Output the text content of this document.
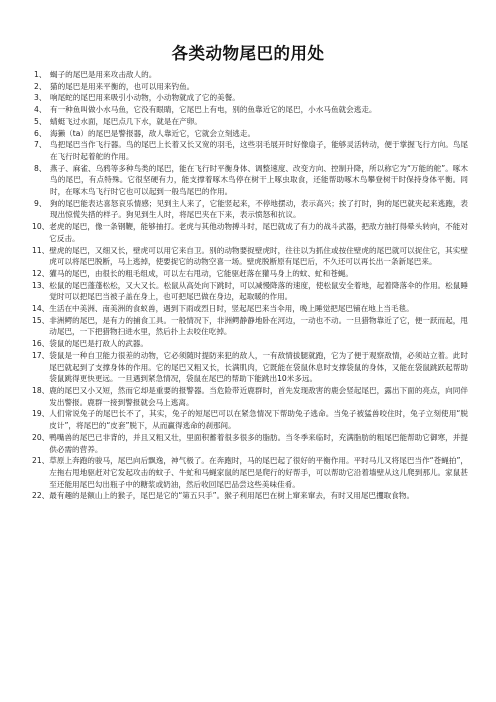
各类动物尾巴的用处
1、 蝎子的尾巴是用来攻击敌人的。
2、 猫的尾巴是用来平衡的，也可以用来钓鱼。
3、 响尾蛇的尾巴用来吸引小动物，小动物就成了它的美餐。
4、 有一种鱼叫做小水马鱼，它没有眼睛，它尾巴上有电，别的鱼靠近它的尾巴，小水马鱼就会逃走。
5、 蜻蜓飞过水面，尾巴点几下水，就是在产卵。
6、 海獭（ta）的尾巴是警报器，敌人靠近它，它就会立刻逃走。
7、 鸟把尾巴当作飞行器。鸟的尾巴上长着又长又宽的羽毛，这些羽毛展开时好像扇子，能够灵活转动，便于掌握飞行方向。鸟尾在飞行时起着舵的作用。
8、 燕子、麻雀、乌鸦等多种鸟类的尾巴，能在飞行时平衡身体、调整速度、改变方向、控制升降，所以称它为“万能的舵”。啄木鸟的尾巴，有点特殊。它很坚硬有力，能支撑着啄木鸟停在树干上啄虫取食，还能帮助啄木鸟攀登树干时保持身体平衡。同时，在啄木鸟飞行时它也可以起到一般鸟尾巴的作用。
9、 狗的尾巴能表达喜怒哀乐情感；见到主人来了，它能竖起来，不停地摆动，表示高兴；挨了打时，狗的尾巴就夹起来逃跑，表现出惊慌失措的样子。狗见到生人时，将尾巴夹在下来，表示愤怒和抗议。
10、 老虎的尾巴，像一条钢鞭，能够抽打。老虎与其他动物搏斗时，尾巴就成了有力的战斗武器，把敌方抽打得晕头转向，不能对它反击。
11、 壁虎的尾巴，又细又长，壁虎可以用它来自卫。别的动物要捉壁虎时，往往以为抓住或按住壁虎的尾巴就可以捉住它，其实壁虎可以将尾巴脱断，马上逃掉，使要捉它的动物空喜一场。壁虎脱断原有尾巴后，不久还可以再长出一条新尾巴来。
12、 獾马的尾巴，由很长的粗毛组成，可以左右甩动，它能驱赶落在獾马身上的蚊、虻和苍蝇。
13、 松鼠的尾巴蓬蓬松松，又大又长。松鼠从高处向下跳时，可以减慢降落的速度，使松鼠安全着地，起着降落伞的作用。松鼠睡觉时可以把尾巴当被子盖在身上，也可把尾巴做在身边，起取暖的作用。
14、 生活在中美洲、南美洲的食蚁兽，遇到下雨或烈日时，竖起尾巴来当伞用，晚上睡觉把尾巴铺在地上当毛毯。
15、 非洲鳄的尾巴，是有力的捕食工具。一般情况下，非洲鳄静静地卧在河边，一动也不动。一旦猎物靠近了它，便一跃而起，甩动尾巴，一下把猎物扫进水里，然后扑上去咬住吃掉。
16、 袋鼠的尾巴是打敌人的武器。
17、 袋鼠是一种自卫能力很差的动物，它必须随时提防来犯的敌人，一有敌情拔腿就跑，它为了便于观察敌情，必须站立着。此时尾巴就起到了支撑身体的作用。它的尾巴又粗又长，长满肌肉，它既能在袋鼠休息时支撑袋鼠的身体，又能在袋鼠跳跃起帮助袋鼠跳得更快更远。一旦遇到紧急情况，袋鼠在尾巴的帮助下能跳出10米多远。
18、 鹿的尾巴又小又短，然而它却是重要的报警器。当危险带近鹿群时，首先发现敌害的鹿会竖起尾巴，露出下面的亮点，向同伴发出警报。鹿群一接到警报就会马上逃离。
19、 人们常说兔子的尾巴长不了，其实，兔子的短尾巴可以在紧急情况下帮助兔子逃命。当兔子被猛兽咬住时，兔子立刻使用“脱皮计”，将尾巴的“皮套”脱下，从而赢得逃命的刹那间。
20、 鸭嘴兽的尾巴已非背的，并且又粗又壮，里面积蓄着很多很多的脂肪。当冬季来临时，充满脂肪的粗尾巴能帮助它御寒，并提供必需的营养。
21、 草原上奔跑的骏马，尾巴向后飘逸，神气极了。在奔跑时，马的尾巴起了很好的平衡作用。平时马儿又将尾巴当作“苍蝇拍”，左拖右甩地驱赶对它发起攻击的蚊子、牛虻和马蝇家鼠的尾巴是爬行的好帮手，可以帮助它沿着墙壁从这儿爬到那儿。家鼠甚至还能用尾巴勾出瓶子中的糖浆或奶油，然后收回尾巴品尝这些美味佳肴。
22、 最有趣的是额山上的猴子，尾巴是它的“第五只手”。猴子利用尾巴在树上窜来窜去，有时又用尾巴攫取食物。
